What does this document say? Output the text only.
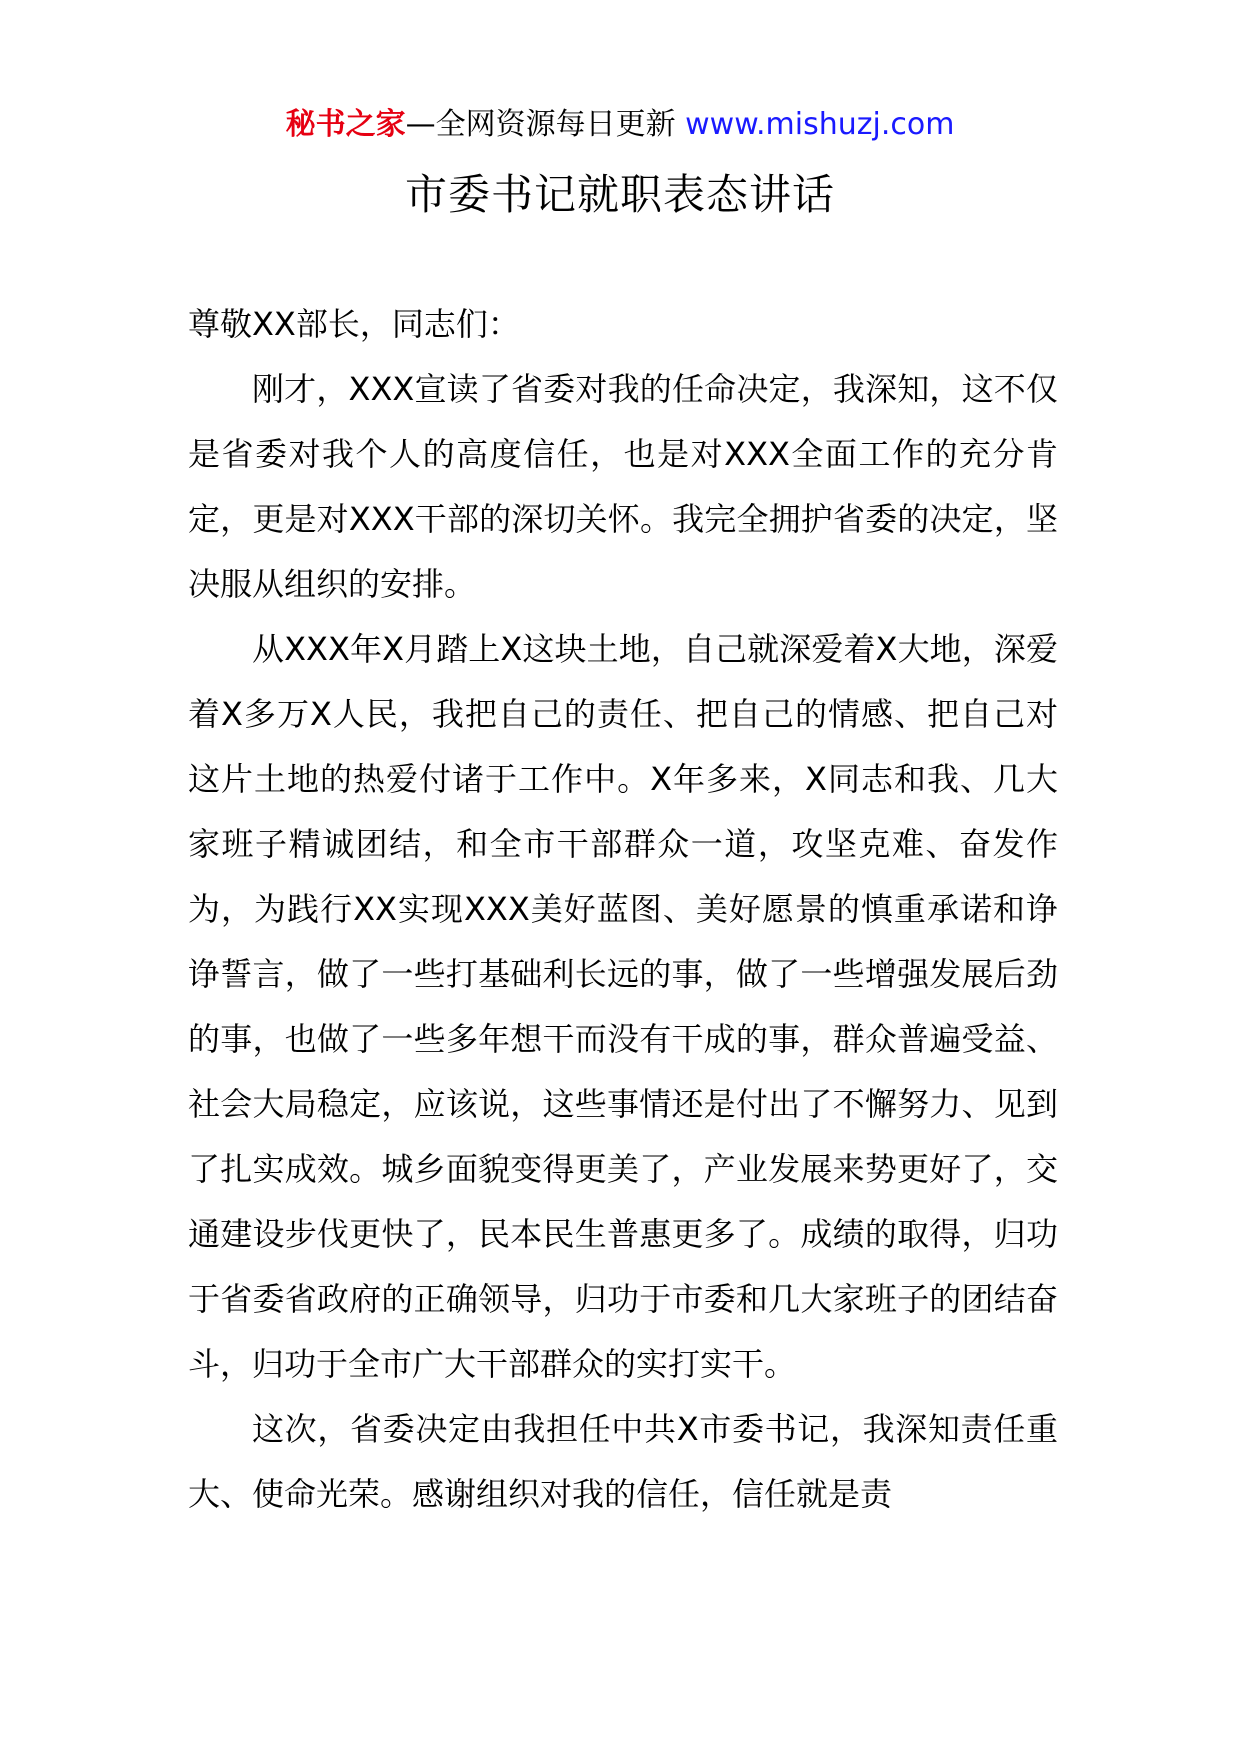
秘书之家—全网资源每日更新 www.mishuzj.com
市委书记就职表态讲话

尊敬XX部长，同志们：

刚才，XXX宣读了省委对我的任命决定，我深知，这不仅是省委对我个人的高度信任，也是对XXX全面工作的充分肯定，更是对XXX干部的深切关怀。我完全拥护省委的决定，坚决服从组织的安排。

从XXX年X月踏上X这块土地，自己就深爱着X大地，深爱着X多万X人民，我把自己的责任、把自己的情感、把自己对这片土地的热爱付诸于工作中。X年多来，X同志和我、几大家班子精诚团结，和全市干部群众一道，攻坚克难、奋发作为，为践行XX实现XXX美好蓝图、美好愿景的慎重承诺和诤诤誓言，做了一些打基础利长远的事，做了一些增强发展后劲的事，也做了一些多年想干而没有干成的事，群众普遍受益、社会大局稳定，应该说，这些事情还是付出了不懈努力、见到了扎实成效。城乡面貌变得更美了，产业发展来势更好了，交通建设步伐更快了，民本民生普惠更多了。成绩的取得，归功于省委省政府的正确领导，归功于市委和几大家班子的团结奋斗，归功于全市广大干部群众的实打实干。

这次，省委决定由我担任中共X市委书记，我深知责任重大、使命光荣。感谢组织对我的信任，信任就是责
